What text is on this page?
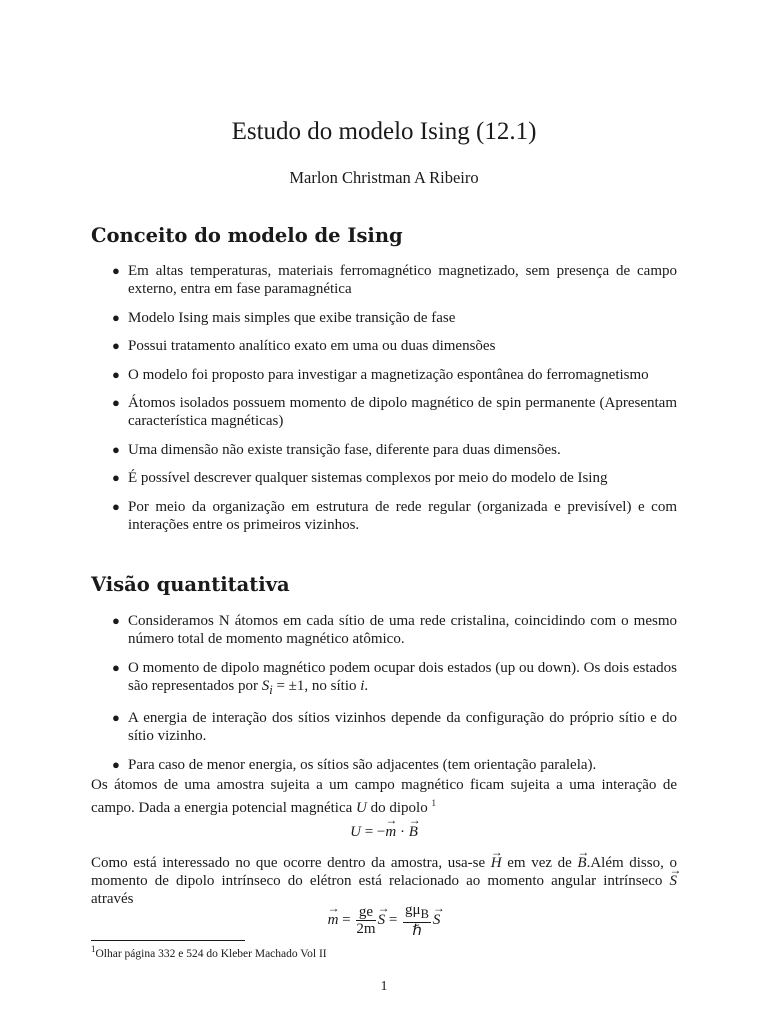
Estudo do modelo Ising (12.1)
Marlon Christman A Ribeiro
Conceito do modelo de Ising
● Em altas temperaturas, materiais ferromagnético magnetizado, sem presença de campo externo, entra em fase paramagnética
● Modelo Ising mais simples que exibe transição de fase
● Possui tratamento analítico exato em uma ou duas dimensões
● O modelo foi proposto para investigar a magnetização espontânea do ferromagnetismo
● Átomos isolados possuem momento de dipolo magnético de spin permanente (Apresentam característica magnéticas)
● Uma dimensão não existe transição fase, diferente para duas dimensões.
● É possível descrever qualquer sistemas complexos por meio do modelo de Ising
● Por meio da organização em estrutura de rede regular (organizada e previsível) e com interações entre os primeiros vizinhos.
Visão quantitativa
● Consideramos N átomos em cada sítio de uma rede cristalina, coincidindo com o mesmo número total de momento magnético atômico.
● O momento de dipolo magnético podem ocupar dois estados (up ou down). Os dois estados são representados por $S_i = \pm 1$, no sítio i.
● A energia de interação dos sítios vizinhos depende da configuração do próprio sítio e do sítio vizinho.
● Para caso de menor energia, os sítios são adjacentes (tem orientação paralela).

Os átomos de uma amostra sujeita a um campo magnético ficam sujeita a uma interação de campo. Dada a energia potencial magnética U do dipolo $^1$

U = −→ m · → B

Como está interessado no que ocorre dentro da amostra, usa-se → H em vez de → B.Além disso, o momento de dipolo intrínseco do elétron está relacionado ao momento angular intrínseco → S através

→ $m = \frac{ge}{2m}$
→ $S = \frac{g\mu_B}{\text{ℏ}}$
→ S
$^1$Olhar página 332 e 524 do Kleber Machado Vol II
1
